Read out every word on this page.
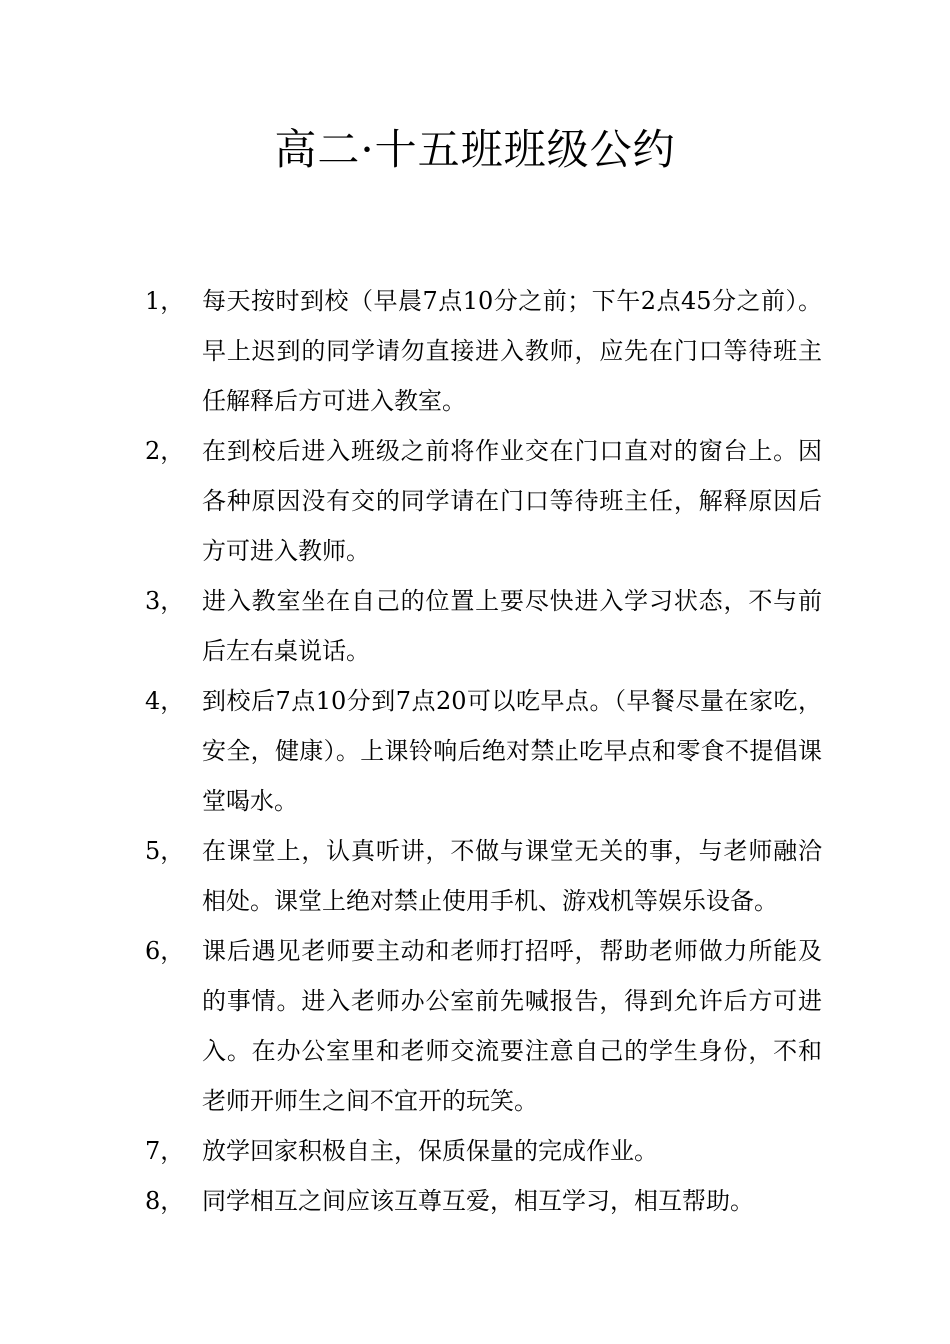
高二·十五班班级公约
1， 每天按时到校（早晨7点10分之前；下午2点45分之前）。早上迟到的同学请勿直接进入教师，应先在门口等待班主任解释后方可进入教室。
2， 在到校后进入班级之前将作业交在门口直对的窗台上。因各种原因没有交的同学请在门口等待班主任，解释原因后方可进入教师。
3， 进入教室坐在自己的位置上要尽快进入学习状态，不与前后左右桌说话。
4， 到校后7点10分到7点20可以吃早点。（早餐尽量在家吃，安全，健康）。上课铃响后绝对禁止吃早点和零食不提倡课堂喝水。
5， 在课堂上，认真听讲，不做与课堂无关的事，与老师融洽相处。课堂上绝对禁止使用手机、游戏机等娱乐设备。
6， 课后遇见老师要主动和老师打招呼，帮助老师做力所能及的事情。进入老师办公室前先喊报告，得到允许后方可进入。在办公室里和老师交流要注意自己的学生身份，不和老师开师生之间不宜开的玩笑。
7， 放学回家积极自主，保质保量的完成作业。
8， 同学相互之间应该互尊互爱，相互学习，相互帮助。
